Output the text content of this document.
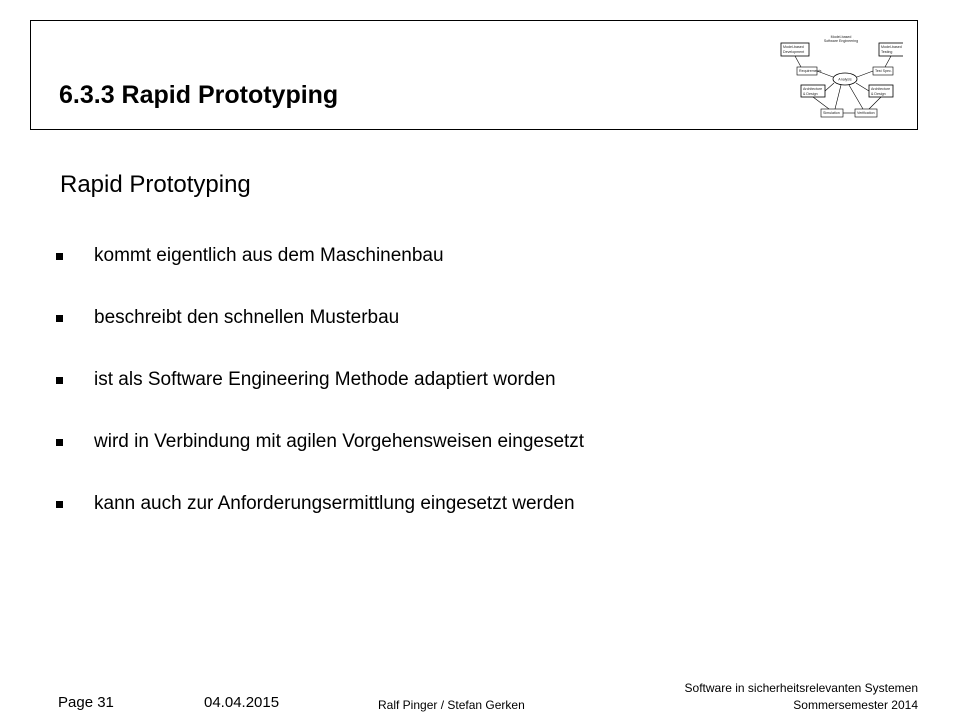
6.3.3 Rapid Prototyping
Model-based
Software Engineering
Model-based
Development
Model-based
Testing
Requirements	Test Spec.
Analysis
Architecture
& Design
Architecture
& Design
Simulation	Verification
Rapid Prototyping
kommt eigentlich aus dem Maschinenbau
beschreibt den schnellen Musterbau
ist als Software Engineering Methode adaptiert worden
wird in Verbindung mit agilen Vorgehensweisen eingesetzt
kann auch zur Anforderungsermittlung eingesetzt werden
Page 31	04.04.2015	Ralf Pinger / Stefan Gerken
Software in sicherheitsrelevanten Systemen
Sommersemester 2014
